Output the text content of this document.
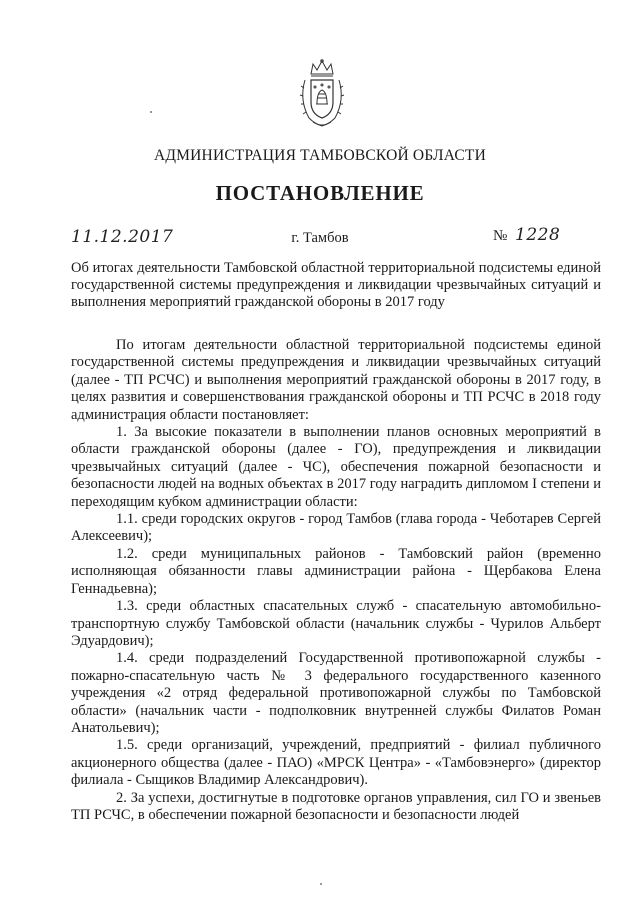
АДМИНИСТРАЦИЯ ТАМБОВСКОЙ ОБЛАСТИ
ПОСТАНОВЛЕНИЕ
11.12.2017	г. Тамбов	№ 1228
Об итогах деятельности Тамбовской областной территориальной подсистемы единой государственной системы предупреждения и ликвидации чрезвычайных ситуаций и выполнения мероприятий гражданской обороны в 2017 году

По итогам деятельности областной территориальной подсистемы единой государственной системы предупреждения и ликвидации чрезвычайных ситуаций (далее - ТП РСЧС) и выполнения мероприятий гражданской обороны в 2017 году, в целях развития и совершенствования гражданской обороны и ТП РСЧС в 2018 году администрация области постановляет:

1. За высокие показатели в выполнении планов основных мероприятий в области гражданской обороны (далее - ГО), предупреждения и ликвидации чрезвычайных ситуаций (далее - ЧС), обеспечения пожарной безопасности и безопасности людей на водных объектах в 2017 году наградить дипломом I степени и переходящим кубком администрации области:

1.1. среди городских округов - город Тамбов (глава города - Чеботарев Сергей Алексеевич);

1.2. среди муниципальных районов - Тамбовский район (временно исполняющая обязанности главы администрации района - Щербакова Елена Геннадьевна);

1.3. среди областных спасательных служб - спасательную автомобильно-транспортную службу Тамбовской области (начальник службы - Чурилов Альберт Эдуардович);

1.4. среди подразделений Государственной противопожарной службы - пожарно-спасательную часть № 3 федерального государственного казенного учреждения «2 отряд федеральной противопожарной службы по Тамбовской области» (начальник части - подполковник внутренней службы Филатов Роман Анатольевич);

1.5. среди организаций, учреждений, предприятий - филиал публичного акционерного общества (далее - ПАО) «МРСК Центра» - «Тамбовэнерго» (директор филиала - Сыщиков Владимир Александрович).

2. За успехи, достигнутые в подготовке органов управления, сил ГО и звеньев ТП РСЧС, в обеспечении пожарной безопасности и безопасности людей
